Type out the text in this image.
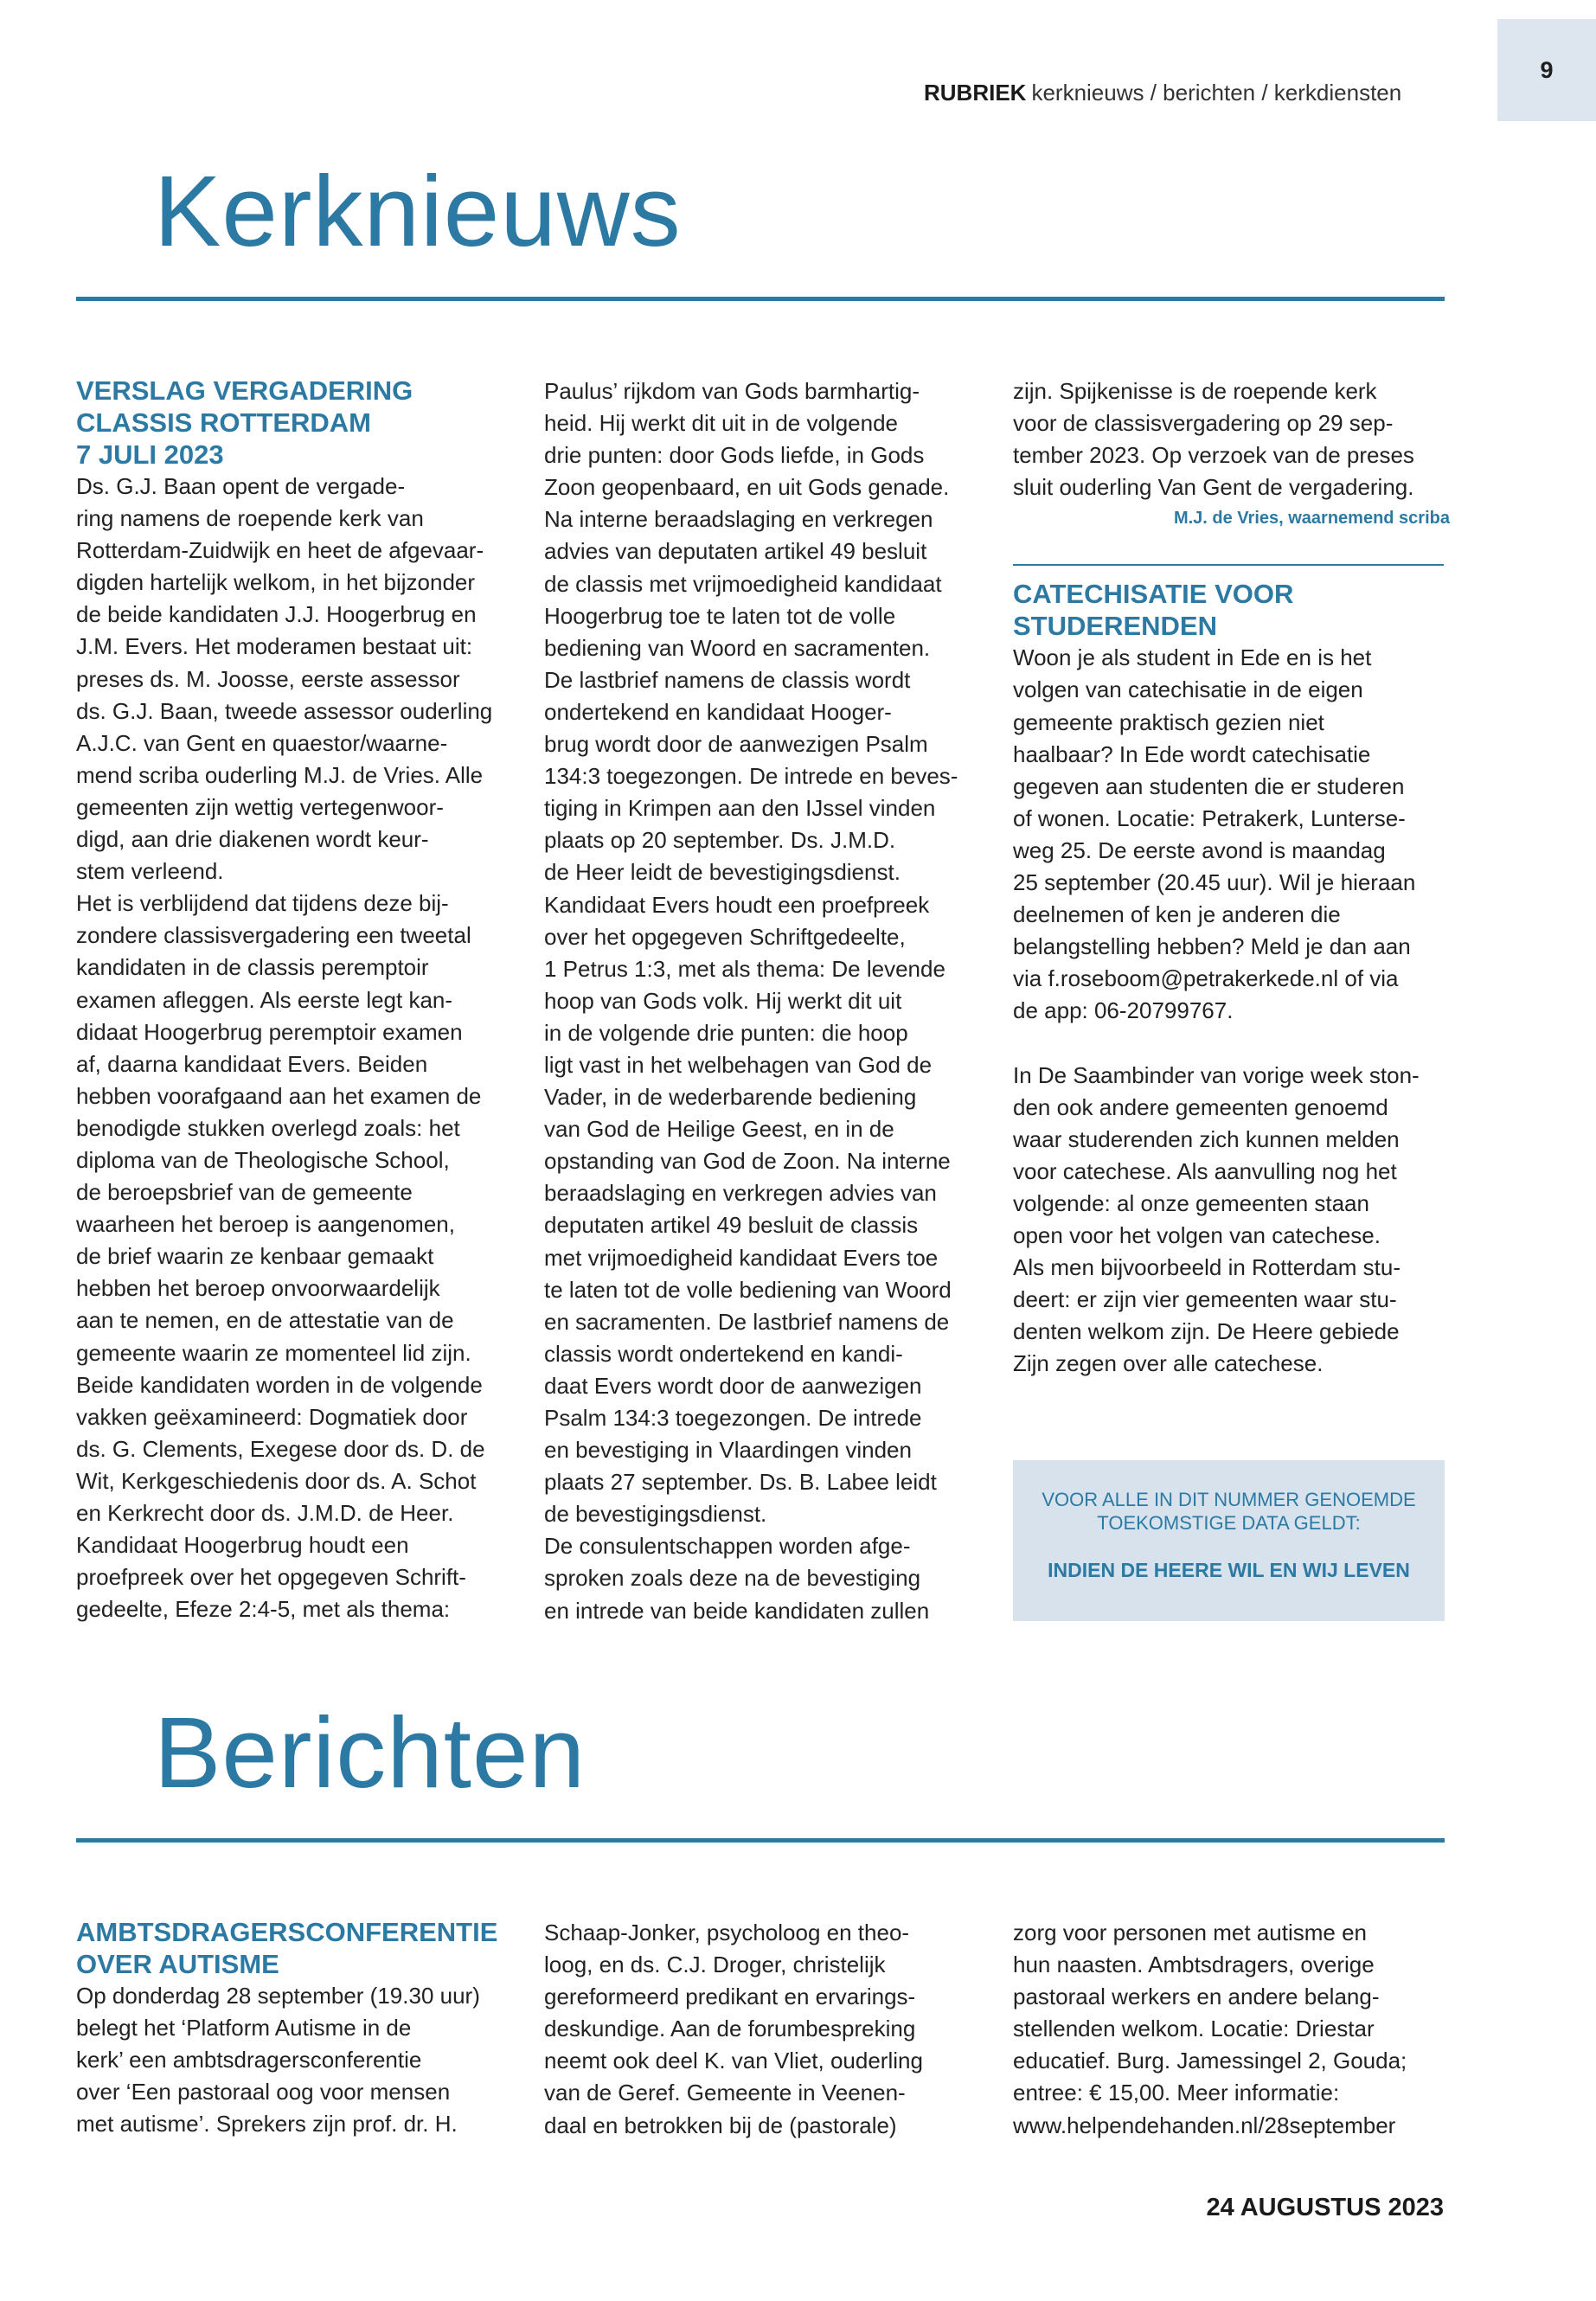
9
RUBRIEK kerknieuws / berichten / kerkdiensten
Kerknieuws
VERSLAG VERGADERING
CLASSIS ROTTERDAM
7 JULI 2023

Ds. G.J. Baan opent de vergade-

ring namens de roepende kerk van

Rotterdam-Zuidwijk en heet de afgevaar-

digden hartelijk welkom, in het bijzonder

de beide kandidaten J.J. Hoogerbrug en

J.M. Evers. Het moderamen bestaat uit:

preses ds. M. Joosse, eerste assessor

ds. G.J. Baan, tweede assessor ouderling

A.J.C. van Gent en quaestor/waarne-

mend scriba ouderling M.J. de Vries. Alle

gemeenten zijn wettig vertegenwoor-

digd, aan drie diakenen wordt keur-

stem verleend.

Het is verblijdend dat tijdens deze bij-

zondere classisvergadering een tweetal

kandidaten in de classis peremptoir

examen afleggen. Als eerste legt kan-

didaat Hoogerbrug peremptoir examen

af, daarna kandidaat Evers. Beiden

hebben voorafgaand aan het examen de

benodigde stukken overlegd zoals: het

diploma van de Theologische School,

de beroepsbrief van de gemeente

waarheen het beroep is aangenomen,

de brief waarin ze kenbaar gemaakt

hebben het beroep onvoorwaardelijk

aan te nemen, en de attestatie van de

gemeente waarin ze momenteel lid zijn.

Beide kandidaten worden in de volgende

vakken geëxamineerd: Dogmatiek door

ds. G. Clements, Exegese door ds. D. de

Wit, Kerkgeschiedenis door ds. A. Schot

en Kerkrecht door ds. J.M.D. de Heer.

Kandidaat Hoogerbrug houdt een

proefpreek over het opgegeven Schrift-

gedeelte, Efeze 2:4-5, met als thema:

Paulus’ rijkdom van Gods barmhartig-

heid. Hij werkt dit uit in de volgende

drie punten: door Gods liefde, in Gods

Zoon geopenbaard, en uit Gods genade.

Na interne beraadslaging en verkregen

advies van deputaten artikel 49 besluit

de classis met vrijmoedigheid kandidaat

Hoogerbrug toe te laten tot de volle

bediening van Woord en sacramenten.

De lastbrief namens de classis wordt

ondertekend en kandidaat Hooger-

brug wordt door de aanwezigen Psalm

134:3 toegezongen. De intrede en beves-

tiging in Krimpen aan den IJssel vinden

plaats op 20 september. Ds. J.M.D.

de Heer leidt de bevestigingsdienst.

Kandidaat Evers houdt een proefpreek

over het opgegeven Schriftgedeelte,

1 Petrus 1:3, met als thema: De levende

hoop van Gods volk. Hij werkt dit uit

in de volgende drie punten: die hoop

ligt vast in het welbehagen van God de

Vader, in de wederbarende bediening

van God de Heilige Geest, en in de

opstanding van God de Zoon. Na interne

beraadslaging en verkregen advies van

deputaten artikel 49 besluit de classis

met vrijmoedigheid kandidaat Evers toe

te laten tot de volle bediening van Woord

en sacramenten. De lastbrief namens de

classis wordt ondertekend en kandi-

daat Evers wordt door de aanwezigen

Psalm 134:3 toegezongen. De intrede

en bevestiging in Vlaardingen vinden

plaats 27 september. Ds. B. Labee leidt

de bevestigingsdienst.

De consulentschappen worden afge-

sproken zoals deze na de bevestiging

en intrede van beide kandidaten zullen

zijn. Spijkenisse is de roepende kerk

voor de classisvergadering op 29 sep-

tember 2023. Op verzoek van de preses

sluit ouderling Van Gent de vergadering.

M.J. de Vries, waarnemend scriba
CATECHISATIE VOOR
STUDERENDEN

Woon je als student in Ede en is het

volgen van catechisatie in de eigen

gemeente praktisch gezien niet

haalbaar? In Ede wordt catechisatie

gegeven aan studenten die er studeren

of wonen. Locatie: Petrakerk, Lunterse-

weg 25. De eerste avond is maandag

25 september (20.45 uur). Wil je hieraan

deelnemen of ken je anderen die

belangstelling hebben? Meld je dan aan

via f.roseboom@petrakerkede.nl of via

de app: 06-20799767.

In De Saambinder van vorige week ston-

den ook andere gemeenten genoemd

waar studerenden zich kunnen melden

voor catechese. Als aanvulling nog het

volgende: al onze gemeenten staan

open voor het volgen van catechese.

Als men bijvoorbeeld in Rotterdam stu-

deert: er zijn vier gemeenten waar stu-

denten welkom zijn. De Heere gebiede

Zijn zegen over alle catechese.

VOOR ALLE IN DIT NUMMER GENOEMDE
TOEKOMSTIGE DATA GELDT:
INDIEN DE HEERE WIL EN WIJ LEVEN
Berichten
AMBTSDRAGERSCONFERENTIE
OVER AUTISME

Op donderdag 28 september (19.30 uur)

belegt het ‘Platform Autisme in de

kerk’ een ambtsdragersconferentie

over ‘Een pastoraal oog voor mensen

met autisme’. Sprekers zijn prof. dr. H.

Schaap-Jonker, psycholoog en theo-

loog, en ds. C.J. Droger, christelijk

gereformeerd predikant en ervarings-

deskundige. Aan de forumbespreking

neemt ook deel K. van Vliet, ouderling

van de Geref. Gemeente in Veenen-

daal en betrokken bij de (pastorale)

zorg voor personen met autisme en

hun naasten. Ambtsdragers, overige

pastoraal werkers en andere belang-

stellenden welkom. Locatie: Driestar

educatief. Burg. Jamessingel 2, Gouda;

entree: € 15,00. Meer informatie:

www.helpendehanden.nl/28september

24 AUGUSTUS 2023
